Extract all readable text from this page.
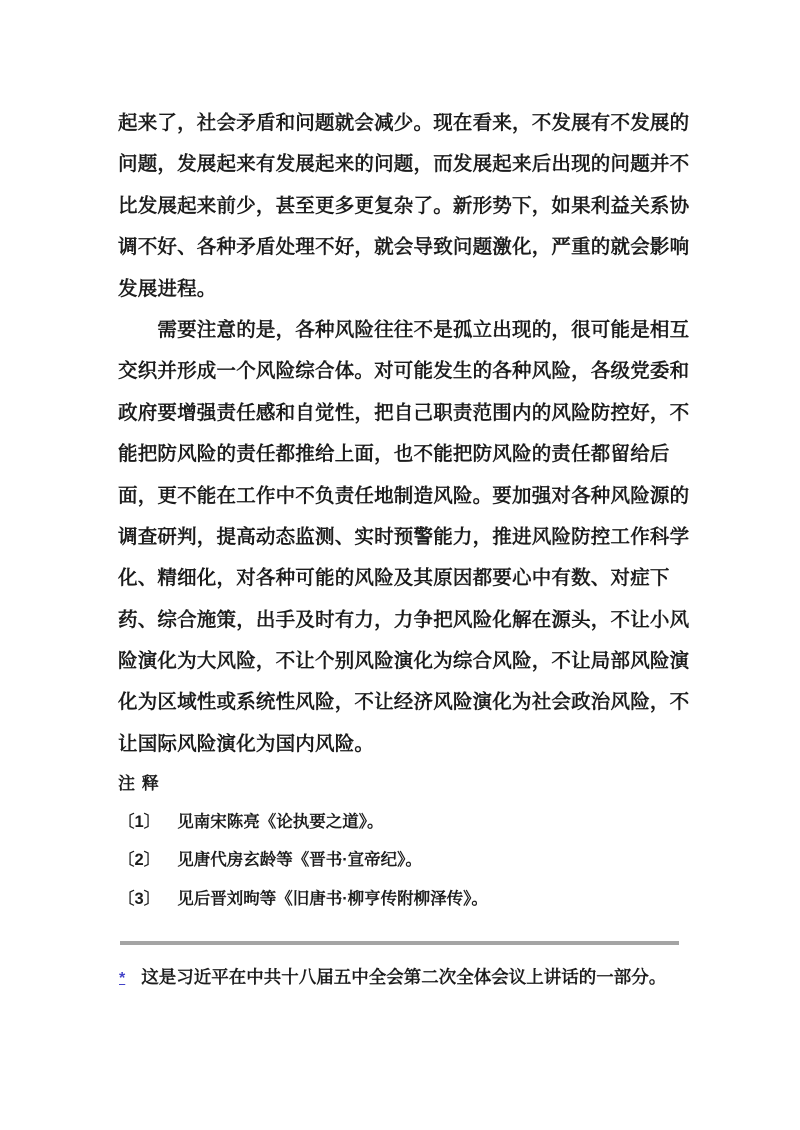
起来了，社会矛盾和问题就会减少。现在看来，不发展有不发展的
问题，发展起来有发展起来的问题，而发展起来后出现的问题并不
比发展起来前少，甚至更多更复杂了。新形势下，如果利益关系协
调不好、各种矛盾处理不好，就会导致问题激化，严重的就会影响
发展进程。
　　需要注意的是，各种风险往往不是孤立出现的，很可能是相互
交织并形成一个风险综合体。对可能发生的各种风险，各级党委和
政府要增强责任感和自觉性，把自己职责范围内的风险防控好，不
能把防风险的责任都推给上面，也不能把防风险的责任都留给后
面，更不能在工作中不负责任地制造风险。要加强对各种风险源的
调查研判，提高动态监测、实时预警能力，推进风险防控工作科学
化、精细化，对各种可能的风险及其原因都要心中有数、对症下
药、综合施策，出手及时有力，力争把风险化解在源头，不让小风
险演化为大风险，不让个别风险演化为综合风险，不让局部风险演
化为区域性或系统性风险，不让经济风险演化为社会政治风险，不
让国际风险演化为国内风险。
注 释
〔1〕 见南宋陈亮《论执要之道》。
〔2〕 见唐代房玄龄等《晋书·宣帝纪》。
〔3〕 见后晋刘昫等《旧唐书·柳亨传附柳泽传》。
* 这是习近平在中共十八届五中全会第二次全体会议上讲话的一部分。
